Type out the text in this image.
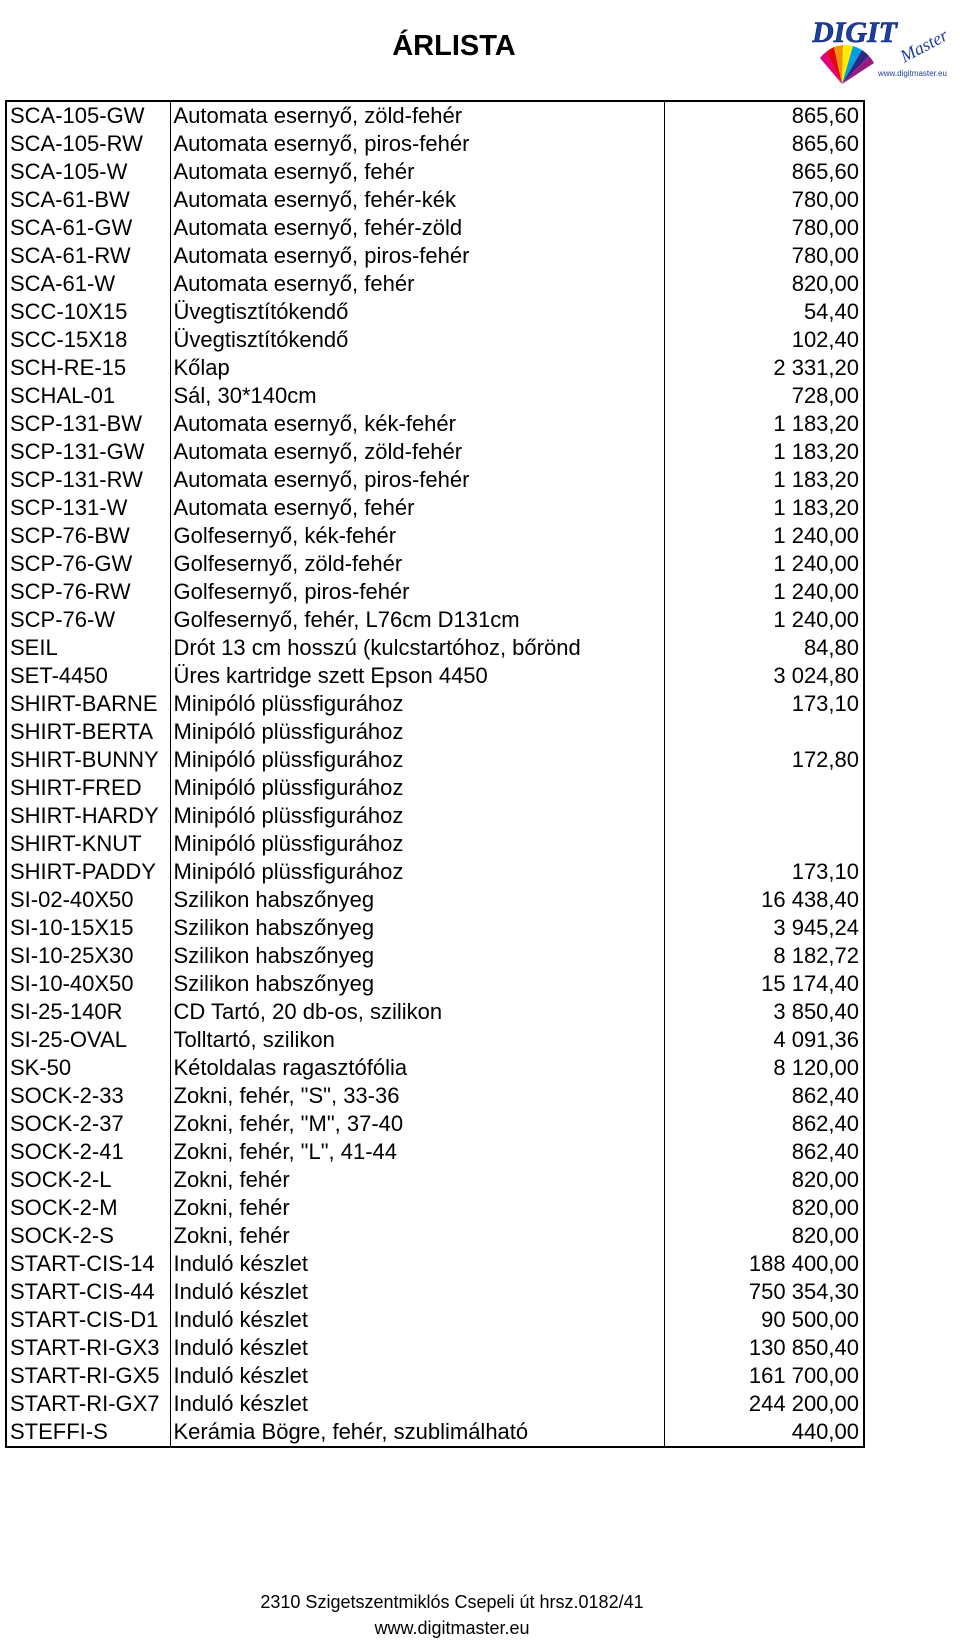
ÁRLISTA	DIGIT Master
www.digitmaster.eu
SCA-105-GW	Automata esernyő, zöld-fehér	865,60
SCA-105-RW	Automata esernyő, piros-fehér	865,60
SCA-105-W	Automata esernyő, fehér	865,60
SCA-61-BW	Automata esernyő, fehér-kék	780,00
SCA-61-GW	Automata esernyő, fehér-zöld	780,00
SCA-61-RW	Automata esernyő, piros-fehér	780,00
SCA-61-W	Automata esernyő, fehér	820,00
SCC-10X15	Üvegtisztítókendő	54,40
SCC-15X18	Üvegtisztítókendő	102,40
SCH-RE-15	Kőlap	2 331,20
SCHAL-01	Sál, 30*140cm	728,00
SCP-131-BW	Automata esernyő, kék-fehér	1 183,20
SCP-131-GW	Automata esernyő, zöld-fehér	1 183,20
SCP-131-RW	Automata esernyő, piros-fehér	1 183,20
SCP-131-W	Automata esernyő, fehér	1 183,20
SCP-76-BW	Golfesernyő, kék-fehér	1 240,00
SCP-76-GW	Golfesernyő, zöld-fehér	1 240,00
SCP-76-RW	Golfesernyő, piros-fehér	1 240,00
SCP-76-W	Golfesernyő, fehér, L76cm D131cm	1 240,00
SEIL	Drót 13 cm hosszú (kulcstartóhoz, bőrönd	84,80
SET-4450	Üres kartridge szett Epson 4450	3 024,80
SHIRT-BARNE	Minipóló plüssfigurához	173,10
SHIRT-BERTA	Minipóló plüssfigurához	
SHIRT-BUNNY	Minipóló plüssfigurához	172,80
SHIRT-FRED	Minipóló plüssfigurához	
SHIRT-HARDY	Minipóló plüssfigurához	
SHIRT-KNUT	Minipóló plüssfigurához	
SHIRT-PADDY	Minipóló plüssfigurához	173,10
SI-02-40X50	Szilikon habszőnyeg	16 438,40
SI-10-15X15	Szilikon habszőnyeg	3 945,24
SI-10-25X30	Szilikon habszőnyeg	8 182,72
SI-10-40X50	Szilikon habszőnyeg	15 174,40
SI-25-140R	CD Tartó, 20 db-os, szilikon	3 850,40
SI-25-OVAL	Tolltartó, szilikon	4 091,36
SK-50	Kétoldalas ragasztófólia	8 120,00
SOCK-2-33	Zokni, fehér, "S", 33-36	862,40
SOCK-2-37	Zokni, fehér, "M", 37-40	862,40
SOCK-2-41	Zokni, fehér, "L", 41-44	862,40
SOCK-2-L	Zokni, fehér	820,00
SOCK-2-M	Zokni, fehér	820,00
SOCK-2-S	Zokni, fehér	820,00
START-CIS-14	Induló készlet	188 400,00
START-CIS-44	Induló készlet	750 354,30
START-CIS-D1	Induló készlet	90 500,00
START-RI-GX3	Induló készlet	130 850,40
START-RI-GX5	Induló készlet	161 700,00
START-RI-GX7	Induló készlet	244 200,00
STEFFI-S	Kerámia Bögre, fehér, szublimálható	440,00
2310 Szigetszentmiklós Csepeli út hrsz.0182/41
www.digitmaster.eu
